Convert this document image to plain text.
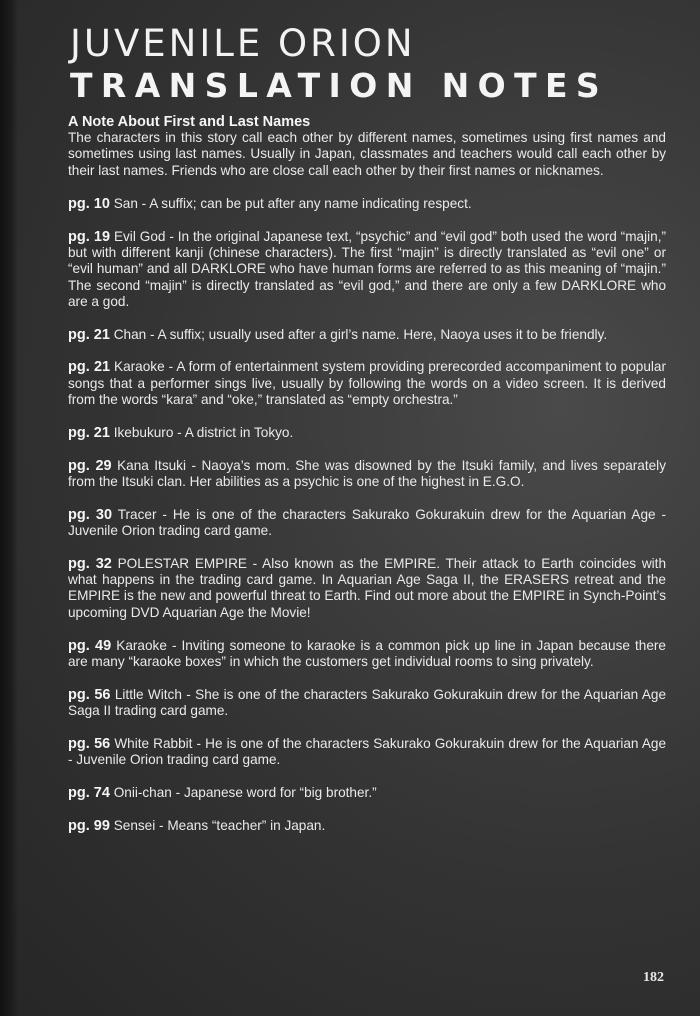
JUVENILE ORION
TRANSLATION NOTES
A Note About First and Last Names

The characters in this story call each other by different names, sometimes using first names and sometimes using last names. Usually in Japan, classmates and teachers would call each other by their last names. Friends who are close call each other by their first names or nicknames.

pg. 10 San - A suffix; can be put after any name indicating respect.

pg. 19 Evil God - In the original Japanese text, “psychic” and “evil god” both used the word “majin,” but with different kanji (chinese characters). The first “majin” is directly translated as “evil one” or “evil human” and all DARKLORE who have human forms are referred to as this meaning of “majin.” The second “majin” is directly translated as “evil god,” and there are only a few DARKLORE who are a god.

pg. 21 Chan - A suffix; usually used after a girl’s name. Here, Naoya uses it to be friendly.

pg. 21 Karaoke - A form of entertainment system providing prerecorded accompaniment to popular songs that a performer sings live, usually by following the words on a video screen. It is derived from the words “kara” and “oke,” translated as “empty orchestra.”

pg. 21 Ikebukuro - A district in Tokyo.

pg. 29 Kana Itsuki - Naoya’s mom. She was disowned by the Itsuki family, and lives separately from the Itsuki clan. Her abilities as a psychic is one of the highest in E.G.O.

pg. 30 Tracer - He is one of the characters Sakurako Gokurakuin drew for the Aquarian Age - Juvenile Orion trading card game.

pg. 32 POLESTAR EMPIRE - Also known as the EMPIRE. Their attack to Earth coincides with what happens in the trading card game. In Aquarian Age Saga II, the ERASERS retreat and the EMPIRE is the new and powerful threat to Earth. Find out more about the EMPIRE in Synch-Point’s upcoming DVD Aquarian Age the Movie!

pg. 49 Karaoke - Inviting someone to karaoke is a common pick up line in Japan because there are many “karaoke boxes” in which the customers get individual rooms to sing privately.

pg. 56 Little Witch - She is one of the characters Sakurako Gokurakuin drew for the Aquarian Age Saga II trading card game.

pg. 56 White Rabbit - He is one of the characters Sakurako Gokurakuin drew for the Aquarian Age - Juvenile Orion trading card game.

pg. 74 Onii-chan - Japanese word for “big brother.”

pg. 99 Sensei - Means “teacher” in Japan.

182
